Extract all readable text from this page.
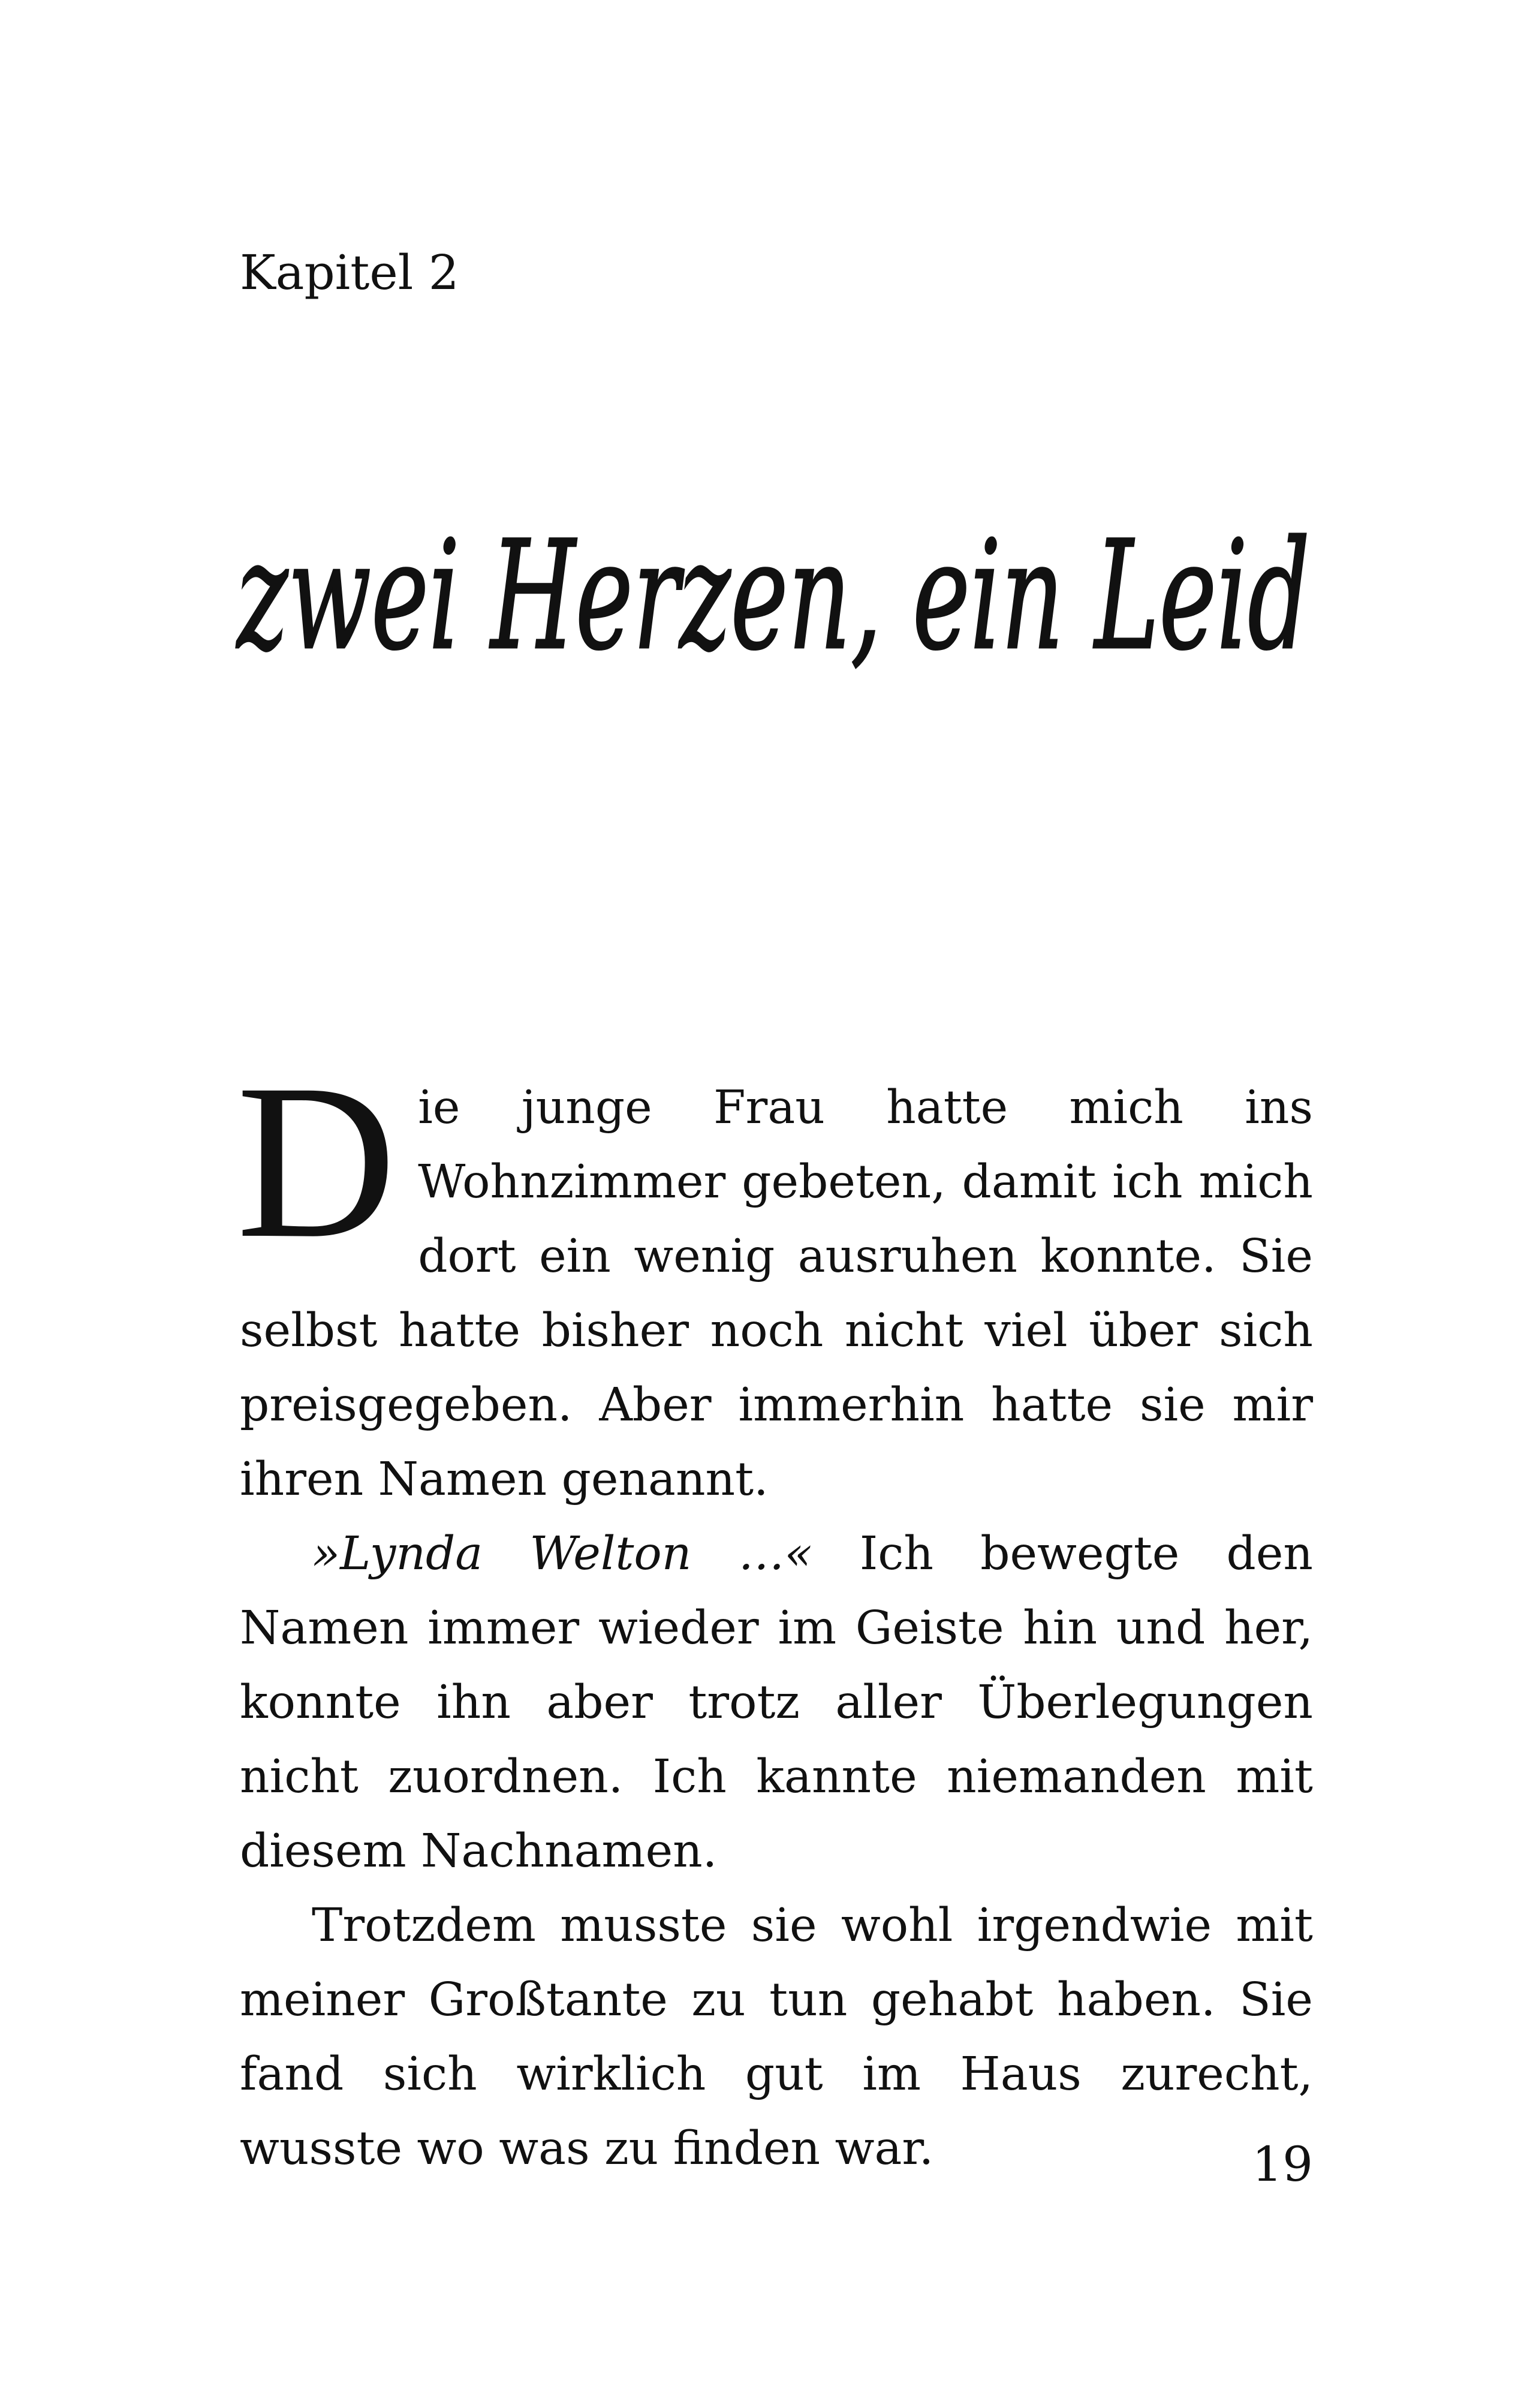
Kapitel 2
zwei Herzen, ein Leid

Die junge Frau hatte mich ins Wohnzimmer gebeten, damit ich mich dort ein wenig ausruhen konnte. Sie selbst hatte bisher noch nicht viel über sich preisgegeben. Aber immerhin hatte sie mir ihren Namen genannt.

»Lynda Welton …« Ich bewegte den Namen immer wieder im Geiste hin und her, konnte ihn aber trotz aller Überlegungen nicht zuordnen. Ich kannte niemanden mit diesem Nachnamen.

Trotzdem musste sie wohl irgendwie mit meiner Großtante zu tun gehabt haben. Sie fand sich wirklich gut im Haus zurecht, wusste wo was zu finden war.	19
